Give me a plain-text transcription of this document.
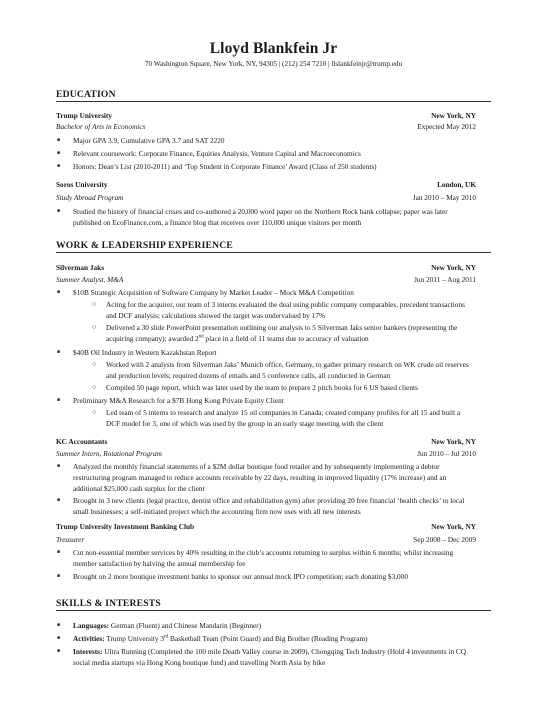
Lloyd Blankfein Jr
70 Washington Square, New York, NY, 94305 | (212) 254 7210 | llslankfeinjr@trump.edu
EDUCATION
Trump University	New York, NY
Bachelor of Arts in Economics	Expected May 2012
■ Major GPA 3.9, Cumulative GPA 3.7 and SAT 2220
■ Relevant coursework: Corporate Finance, Equities Analysis, Venture Capital and Macroeconomics
■ Honors: Dean’s List (2010-2011) and ‘Top Student in Corporate Finance’ Award (Class of 250 students)
Soros University	London, UK
Study Abroad Program	Jan 2010 – May 2010
■ Studied the history of financial crises and co-authored a 20,000 word paper on the Northern Rock bank collapse; paper was later published on EcoFinance.com, a finance blog that receives over 110,000 unique visitors per month
WORK & LEADERSHIP EXPERIENCE
Silverman Jaks	New York, NY
Summer Analyst, M&A	Jun 2011 – Aug 2011
■ $10B Strategic Acquisition of Software Company by Market Leader – Mock M&A Competition
○ Acting for the acquirer, our team of 3 interns evaluated the deal using public company comparables, precedent transactions and DCF analysis; calculations showed the target was undervalued by 17%
○ Delivered a 30 slide PowerPoint presentation outlining our analysis to 5 Silverman Jaks senior bankers (representing the acquiring company); awarded 2nd place in a field of 11 teams due to accuracy of valuation
■ $40B Oil Industry in Western Kazakhstan Report
○ Worked with 2 analysts from Silverman Jaks’ Munich office, Germany, to gather primary research on WK crude oil reserves and production levels; required dozens of emails and 5 conference calls, all conducted in German
○ Compiled 50 page report, which was later used by the team to prepare 2 pitch books for 6 US based clients
■ Preliminary M&A Research for a $7B Hong Kong Private Equity Client
○ Led team of 5 interns to research and analyze 15 oil companies in Canada; created company profiles for all 15 and built a DCF model for 3, one of which was used by the group in an early stage meeting with the client
KC Accountants	New York, NY
Summer Intern, Rotational Program	Jun 2010 – Jul 2010
■ Analyzed the monthly financial statements of a $2M dollar boutique food retailer and by subsequently implementing a debtor restructuring program managed to reduce accounts receivable by 22 days, resulting in improved liquidity (17% increase) and an additional $25,000 cash surplus for the client
■ Brought in 3 new clients (legal practice, dentist office and rehabilitation gym) after providing 20 free financial ‘health checks’ to local small businesses; a self-initiated project which the accounting firm now uses with all new interests
Trump University Investment Banking Club	New York, NY
Treasurer	Sep 2008 – Dec 2009
■ Cut non-essential member services by 40% resulting in the club’s accounts returning to surplus within 6 months; whilst increasing member satisfaction by halving the annual membership fee
■ Brought on 2 more boutique investment banks to sponsor our annual mock IPO competition; each donating $3,000
SKILLS & INTERESTS
■ Languages: German (Fluent) and Chinese Mandarin (Beginner)
■ Activities: Trump University 3rd Basketball Team (Point Guard) and Big Brother (Reading Program)
■ Interests: Ultra Running (Completed the 100 mile Death Valley course in 2009), Chongqing Tech Industry (Hold 4 investments in CQ social media startups via Hong Kong boutique fund) and travelling North Asia by bike
